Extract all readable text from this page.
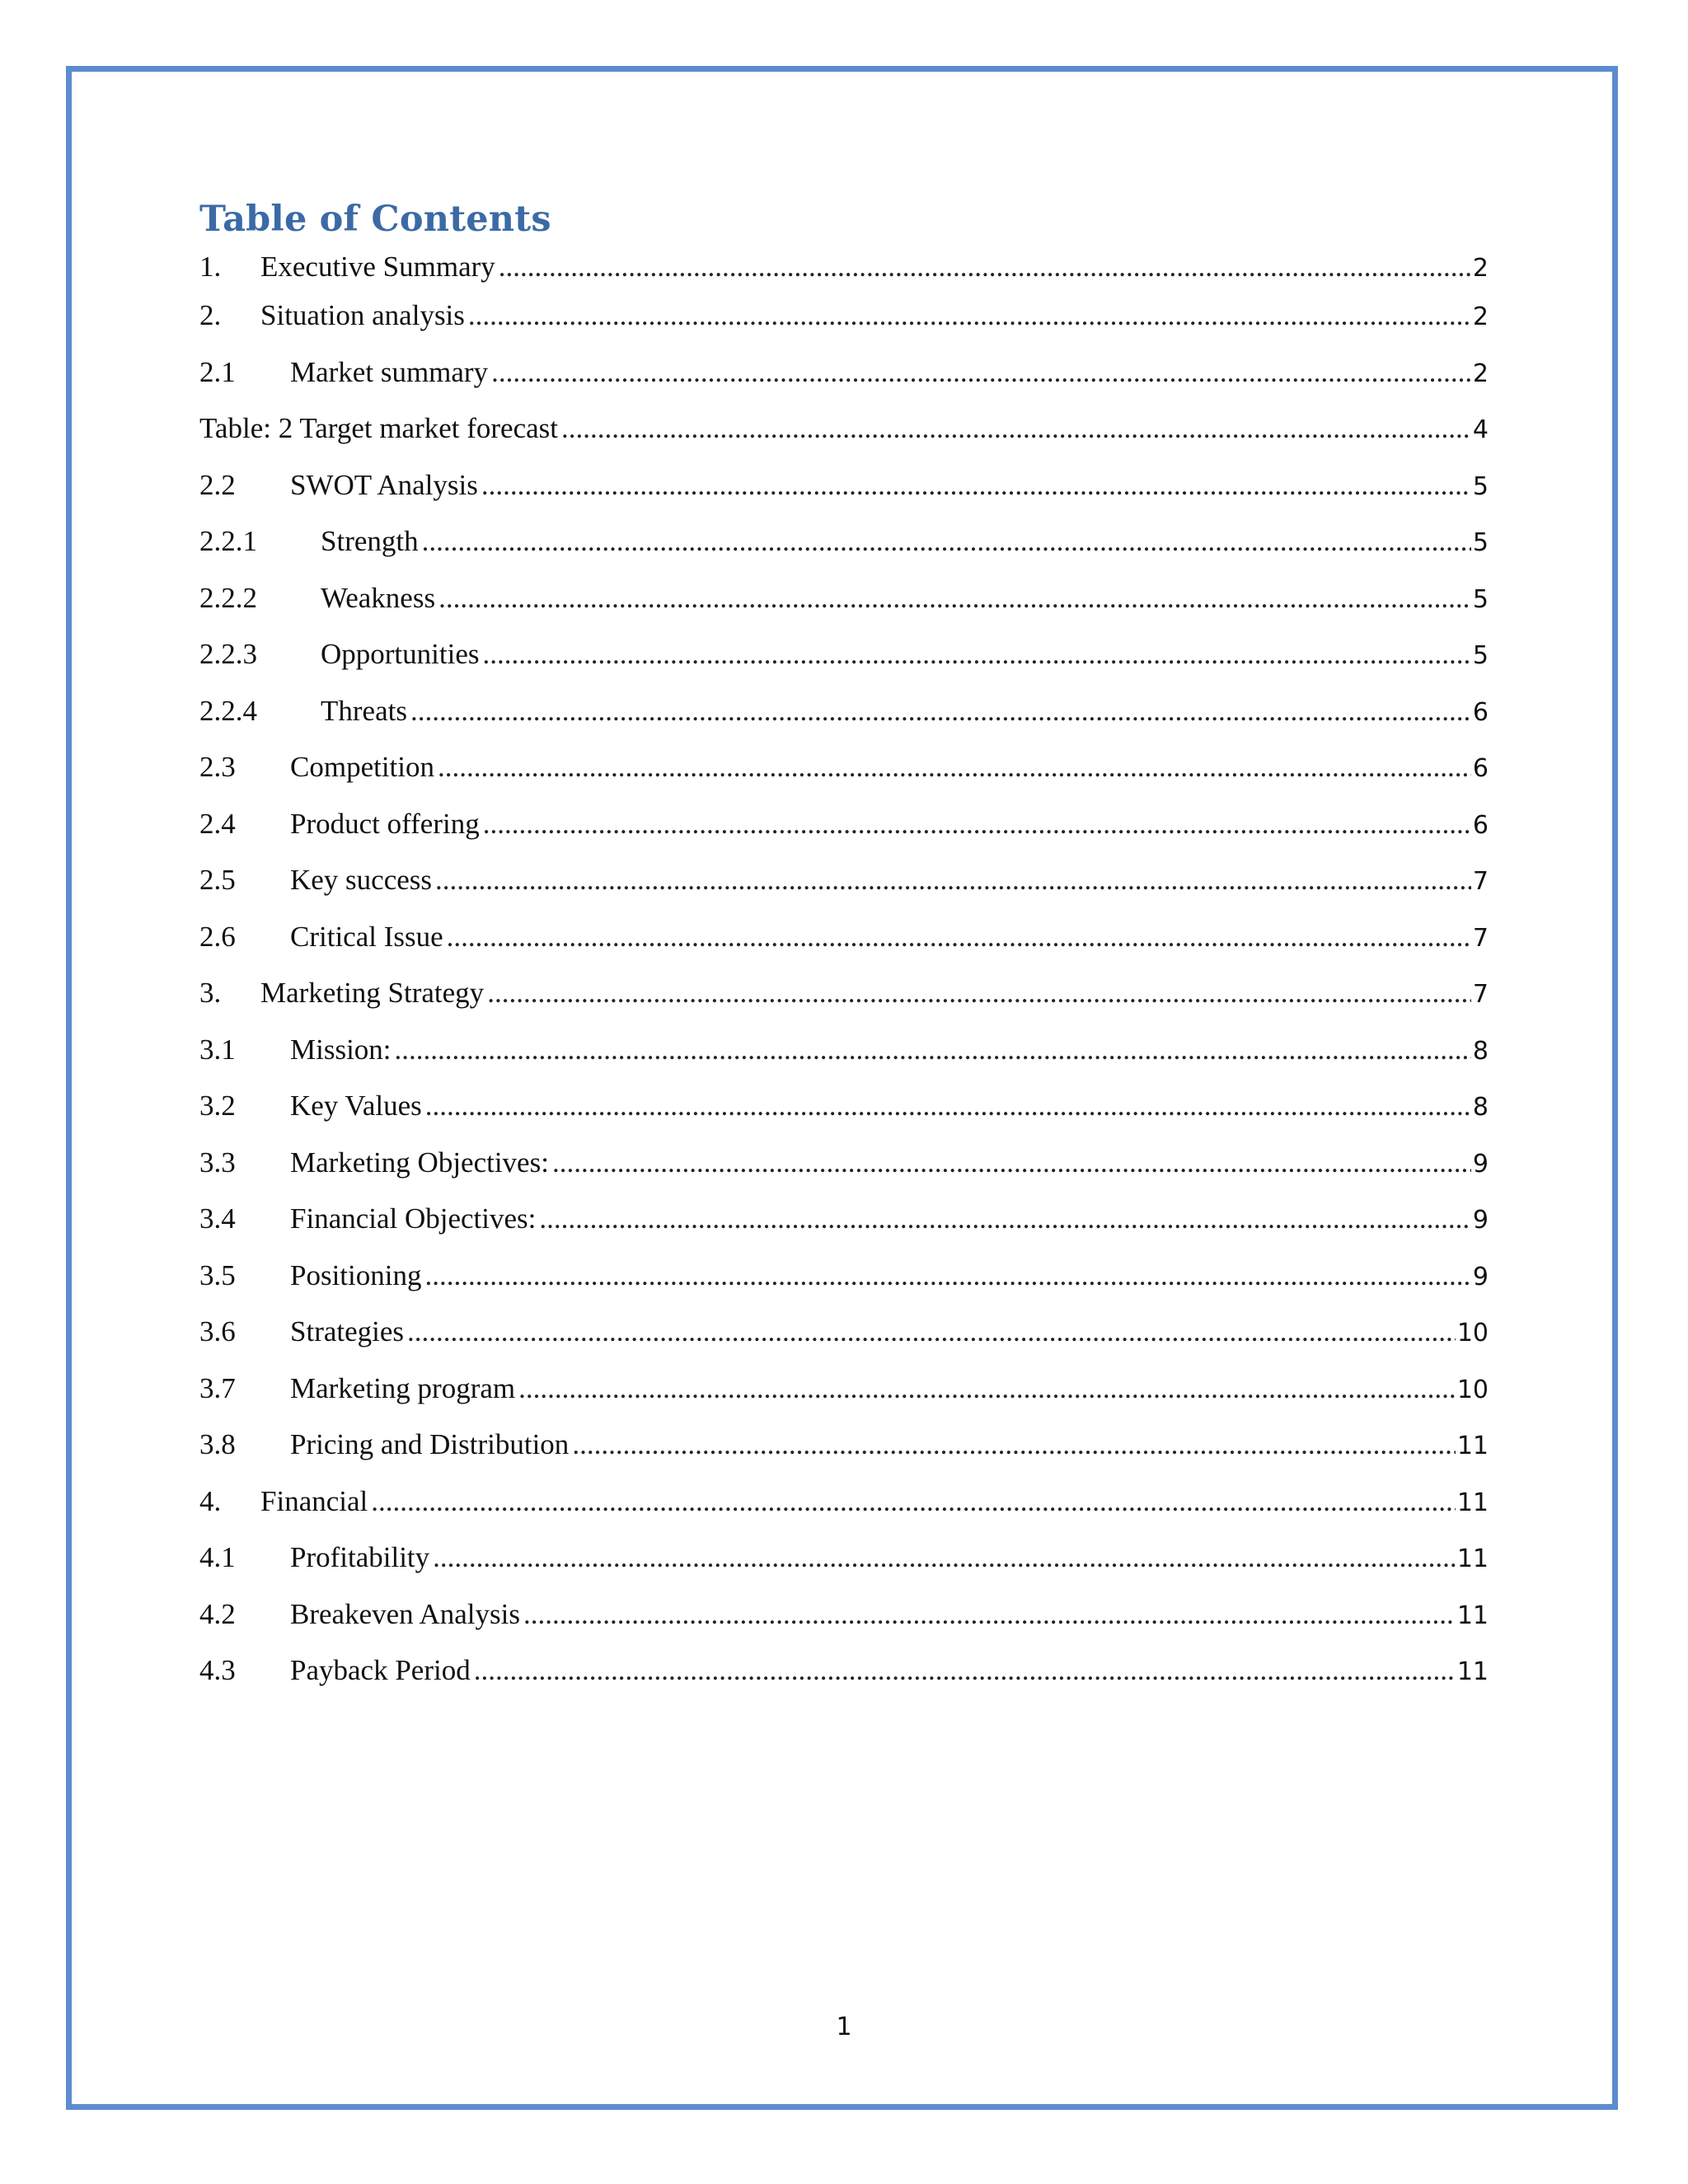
Table of Contents
1.	Executive Summary .....	2
2.	Situation analysis .....	2
2.1	Market summary .....	2
Table: 2 Target market forecast .....	4
2.2	SWOT Analysis .....	5
2.2.1	Strength .....	5
2.2.2	Weakness .....	5
2.2.3	Opportunities .....	5
2.2.4	Threats .....	6
2.3	Competition .....	6
2.4	Product offering .....	6
2.5	Key success .....	7
2.6	Critical Issue .....	7
3.	Marketing Strategy .....	7
3.1	Mission: .....	8
3.2	Key Values .....	8
3.3	Marketing Objectives: .....	9
3.4	Financial Objectives: .....	9
3.5	Positioning .....	9
3.6	Strategies .....	10
3.7	Marketing program .....	10
3.8	Pricing and Distribution .....	11
4.	Financial .....	11
4.1	Profitability .....	11
4.2	Breakeven Analysis .....	11
4.3	Payback Period .....	11
1
